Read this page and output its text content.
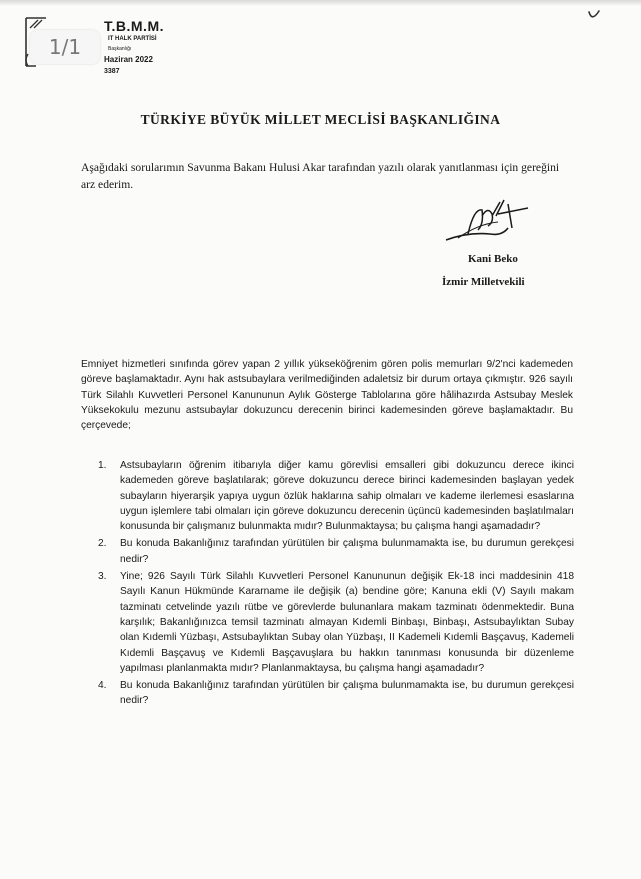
T.B.M.M.
IT HALK PARTİSİ
Başkanlığı
Haziran 2022
3387
1/1
TÜRKİYE BÜYÜK MİLLET MECLİSİ BAŞKANLIĞINA
Aşağıdaki sorularımın Savunma Bakanı Hulusi Akar tarafından yazılı olarak yanıtlanması için gereğini arz ederim.
Kani Beko
İzmir Milletvekili
Emniyet hizmetleri sınıfında görev yapan 2 yıllık yükseköğrenim gören polis memurları 9/2'nci kademeden göreve başlamaktadır. Aynı hak astsubaylara verilmediğinden adaletsiz bir durum ortaya çıkmıştır. 926 sayılı Türk Silahlı Kuvvetleri Personel Kanununun Aylık Gösterge Tablolarına göre hâlihazırda Astsubay Meslek Yüksekokulu mezunu astsubaylar dokuzuncu derecenin birinci kademesinden göreve başlamaktadır. Bu çerçevede;
1. Astsubayların öğrenim itibarıyla diğer kamu görevlisi emsalleri gibi dokuzuncu derece ikinci kademeden göreve başlatılarak; göreve dokuzuncu derece birinci kademesinden başlayan yedek subayların hiyerarşik yapıya uygun özlük haklarına sahip olmaları ve kademe ilerlemesi esaslarına uygun işlemlere tabi olmaları için göreve dokuzuncu derecenin üçüncü kademesinden başlatılmaları konusunda bir çalışmanız bulunmakta mıdır? Bulunmaktaysa; bu çalışma hangi aşamadadır?
2. Bu konuda Bakanlığınız tarafından yürütülen bir çalışma bulunmamakta ise, bu durumun gerekçesi nedir?
3. Yine; 926 Sayılı Türk Silahlı Kuvvetleri Personel Kanununun değişik Ek-18 inci maddesinin 418 Sayılı Kanun Hükmünde Kararname ile değişik (a) bendine göre; Kanuna ekli (V) Sayılı makam tazminatı cetvelinde yazılı rütbe ve görevlerde bulunanlara makam tazminatı ödenmektedir. Buna karşılık; Bakanlığınızca temsil tazminatı almayan Kıdemli Binbaşı, Binbaşı, Astsubaylıktan Subay olan Kıdemli Yüzbaşı, Astsubaylıktan Subay olan Yüzbaşı, II Kademeli Kıdemli Başçavuş, Kademeli Kıdemli Başçavuş ve Kıdemli Başçavuşlara bu hakkın tanınması konusunda bir düzenleme yapılması planlanmakta mıdır? Planlanmaktaysa, bu çalışma hangi aşamadadır?
4. Bu konuda Bakanlığınız tarafından yürütülen bir çalışma bulunmamakta ise, bu durumun gerekçesi nedir?
